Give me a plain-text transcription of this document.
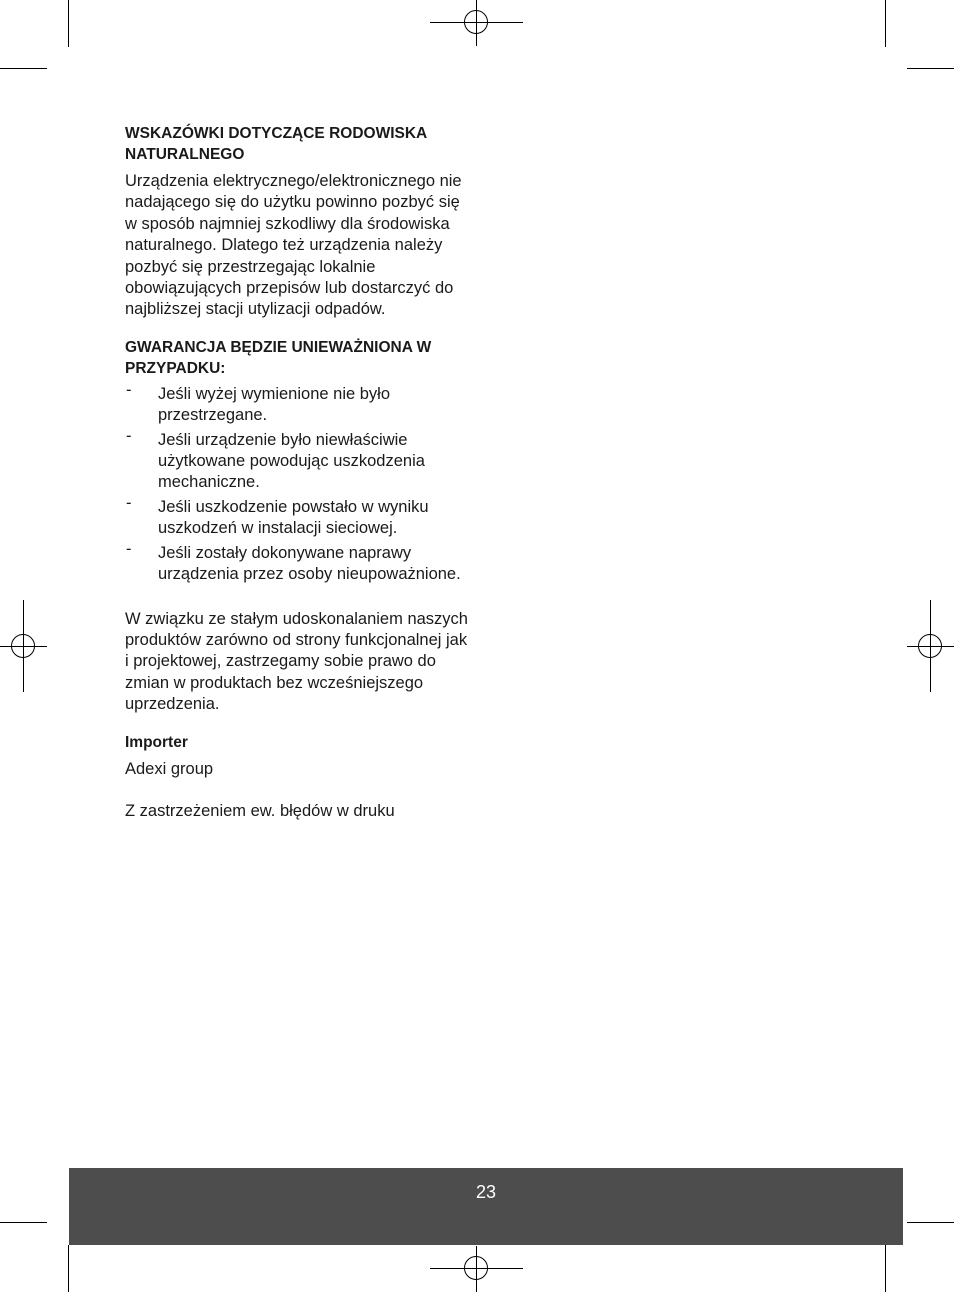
WSKAZÓWKI DOTYCZĄCE RODOWISKA NATURALNEGO

Urządzenia elektrycznego/elektronicznego nie nadającego się do użytku powinno pozbyć się w sposób najmniej szkodliwy dla środowiska naturalnego. Dlatego też urządzenia należy pozbyć się przestrzegając lokalnie obowiązujących przepisów lub dostarczyć do najbliższej stacji utylizacji odpadów.

GWARANCJA BĘDZIE UNIEWAŻNIONA W PRZYPADKU:
- Jeśli wyżej wymienione nie było przestrzegane.
- Jeśli urządzenie było niewłaściwie użytkowane powodując uszkodzenia mechaniczne.
- Jeśli uszkodzenie powstało w wyniku uszkodzeń w instalacji sieciowej.
- Jeśli zostały dokonywane naprawy urządzenia przez osoby nieupoważnione.

W związku ze stałym udoskonalaniem naszych produktów zarówno od strony funkcjonalnej jak i projektowej, zastrzegamy sobie prawo do zmian w produktach bez wcześniejszego uprzedzenia.

Importer

Adexi group

Z zastrzeżeniem ew. błędów w druku

23
